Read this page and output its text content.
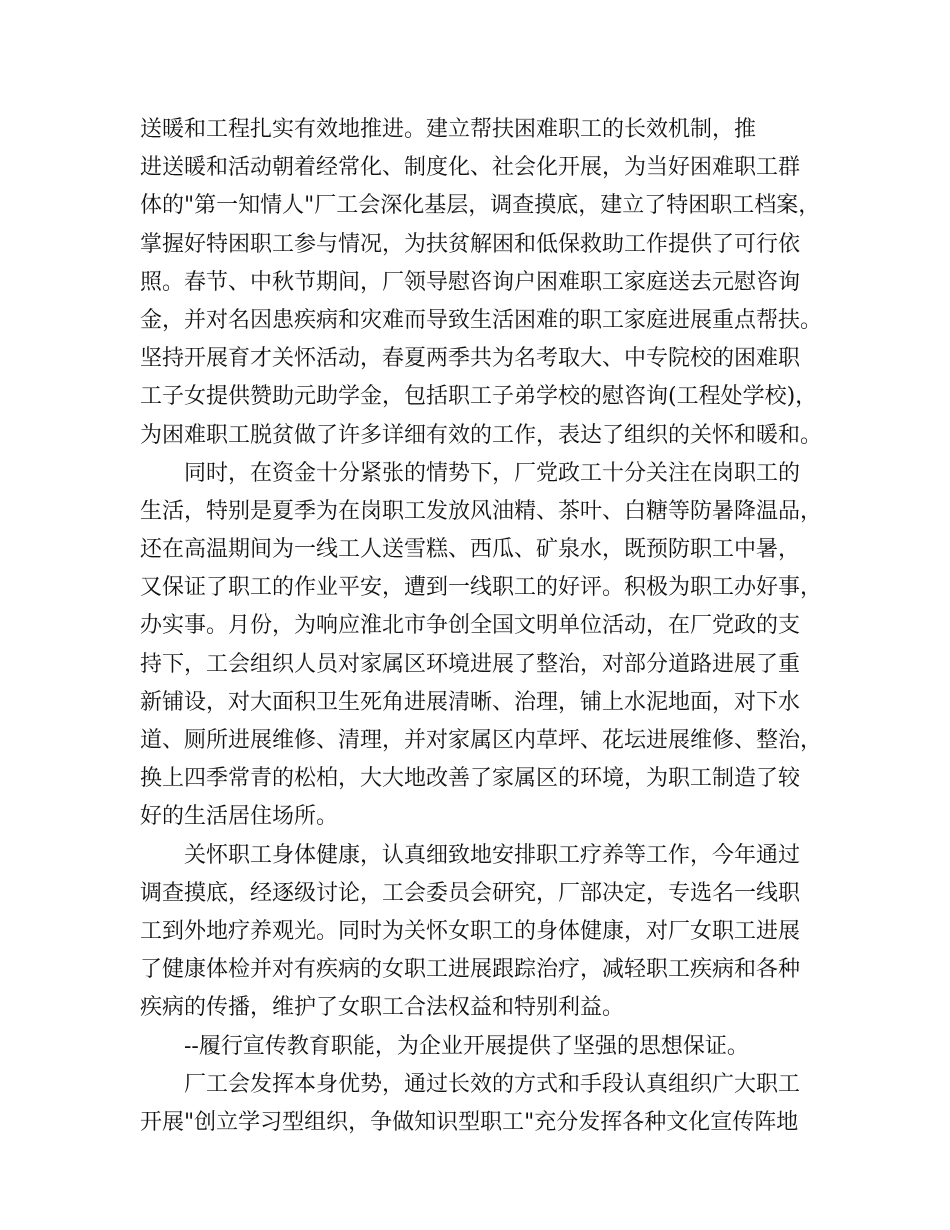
送暖和工程扎实有效地推进。建立帮扶困难职工的长效机制，推
进送暖和活动朝着经常化、制度化、社会化开展，为当好困难职工群
体的"第一知情人"厂工会深化基层，调查摸底，建立了特困职工档案，
掌握好特困职工参与情况，为扶贫解困和低保救助工作提供了可行依
照。春节、中秋节期间，厂领导慰咨询户困难职工家庭送去元慰咨询
金，并对名因患疾病和灾难而导致生活困难的职工家庭进展重点帮扶。
坚持开展育才关怀活动，春夏两季共为名考取大、中专院校的困难职
工子女提供赞助元助学金，包括职工子弟学校的慰咨询(工程处学校)，
为困难职工脱贫做了许多详细有效的工作，表达了组织的关怀和暖和。
同时，在资金十分紧张的情势下，厂党政工十分关注在岗职工的
生活，特别是夏季为在岗职工发放风油精、茶叶、白糖等防暑降温品，
还在高温期间为一线工人送雪糕、西瓜、矿泉水，既预防职工中暑，
又保证了职工的作业平安，遭到一线职工的好评。积极为职工办好事，
办实事。月份，为响应淮北市争创全国文明单位活动，在厂党政的支
持下，工会组织人员对家属区环境进展了整治，对部分道路进展了重
新铺设，对大面积卫生死角进展清晰、治理，铺上水泥地面，对下水
道、厕所进展维修、清理，并对家属区内草坪、花坛进展维修、整治，
换上四季常青的松柏，大大地改善了家属区的环境，为职工制造了较
好的生活居住场所。
关怀职工身体健康，认真细致地安排职工疗养等工作，今年通过
调查摸底，经逐级讨论，工会委员会研究，厂部决定，专选名一线职
工到外地疗养观光。同时为关怀女职工的身体健康，对厂女职工进展
了健康体检并对有疾病的女职工进展跟踪治疗，减轻职工疾病和各种
疾病的传播，维护了女职工合法权益和特别利益。
--履行宣传教育职能，为企业开展提供了坚强的思想保证。
厂工会发挥本身优势，通过长效的方式和手段认真组织广大职工
开展"创立学习型组织，争做知识型职工"充分发挥各种文化宣传阵地
